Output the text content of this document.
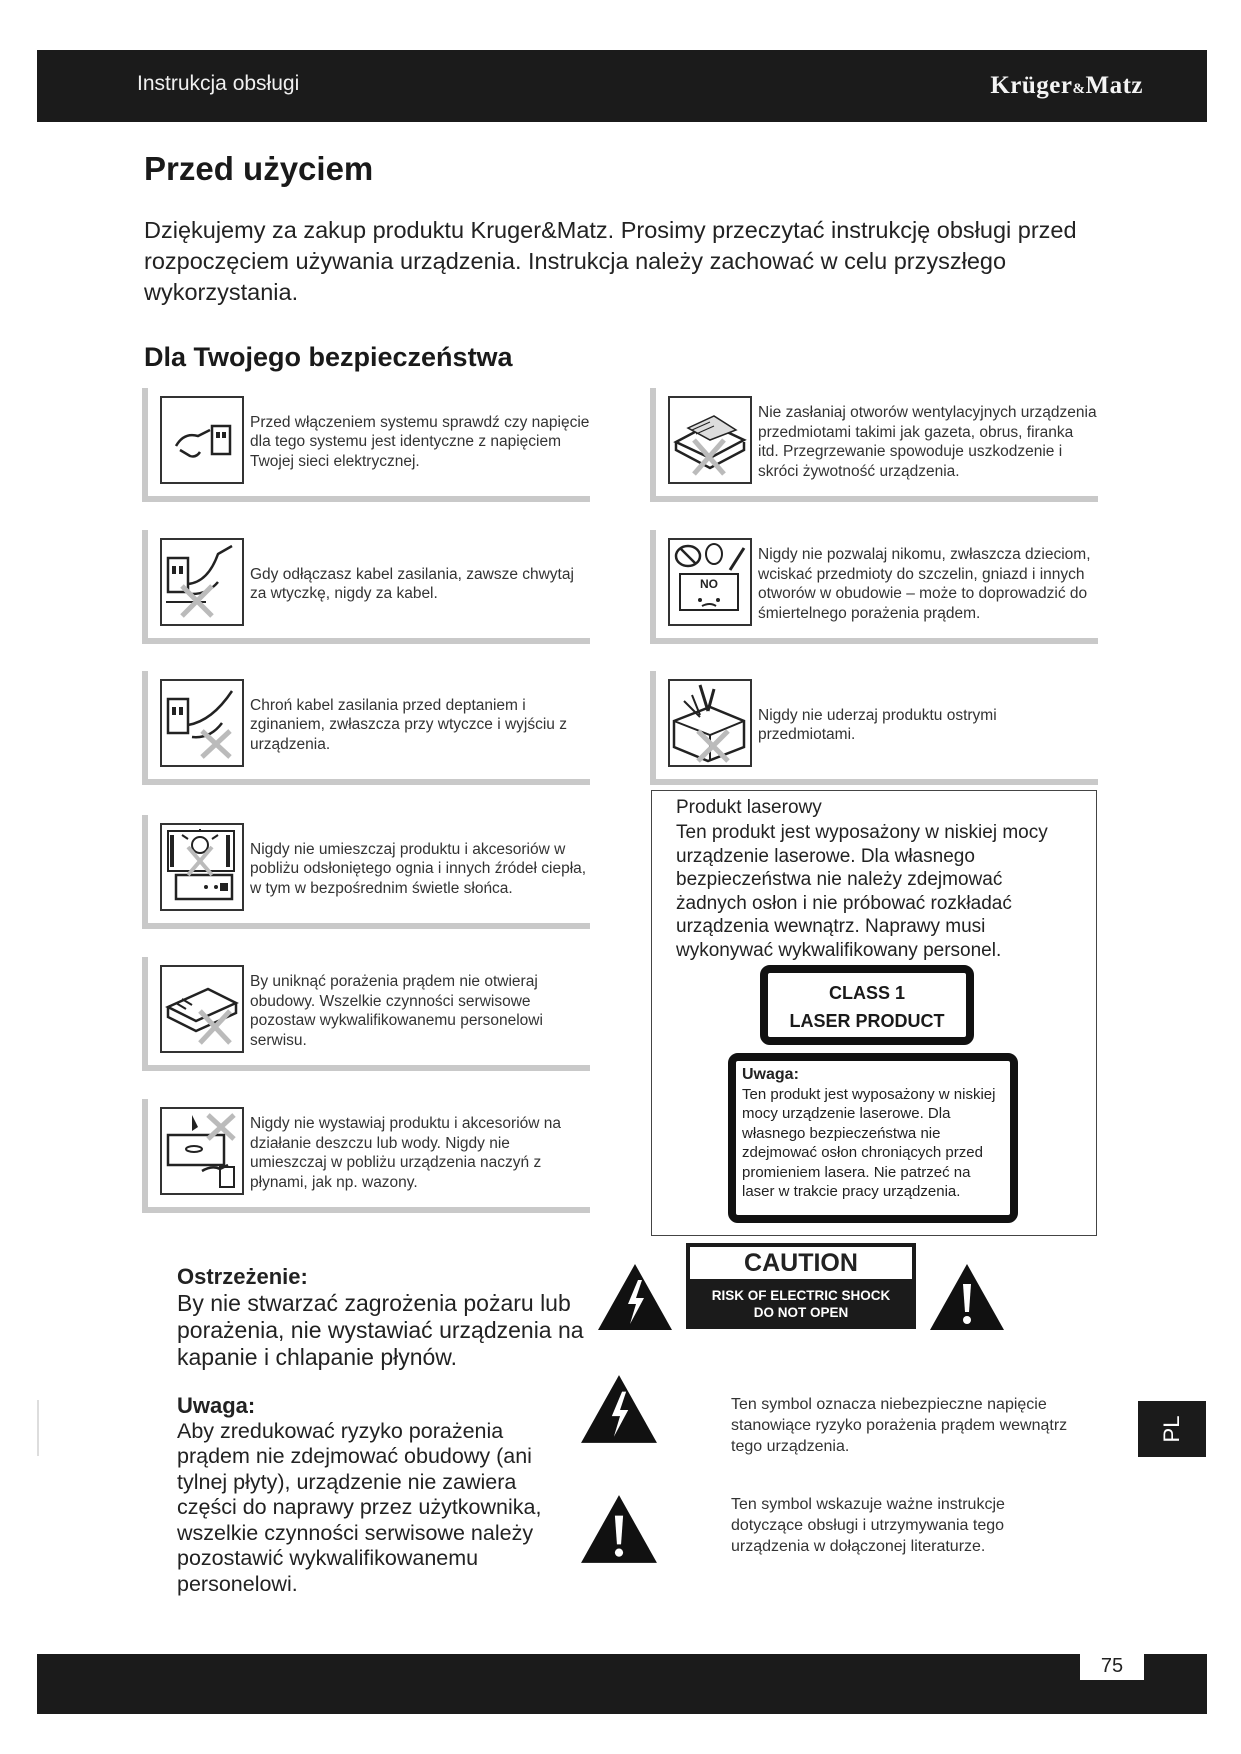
Instrukcja obsługi	Krüger&Matz
Przed użyciem
Dziękujemy za zakup produktu Kruger&Matz. Prosimy przeczytać instrukcję obsługi przed rozpoczęciem używania urządzenia. Instrukcja należy zachować w celu przyszłego wykorzystania.
Dla Twojego bezpieczeństwa
Przed włączeniem systemu sprawdź czy napięcie dla tego systemu jest identyczne z napięciem Twojej sieci elektrycznej.
Gdy odłączasz kabel zasilania, zawsze chwytaj za wtyczkę, nigdy za kabel.
Chroń kabel zasilania przed deptaniem i zginaniem, zwłaszcza przy wtyczce i wyjściu z urządzenia.
Nigdy nie umieszczaj produktu i akcesoriów w pobliżu odsłoniętego ognia i innych źródeł ciepła, w tym w bezpośrednim świetle słońca.
By uniknąć porażenia prądem nie otwieraj obudowy. Wszelkie czynności serwisowe pozostaw wykwalifikowanemu personelowi serwisu.
Nigdy nie wystawiaj produktu i akcesoriów na działanie deszczu lub wody. Nigdy nie umieszczaj w pobliżu urządzenia naczyń z płynami, jak np. wazony.
Nie zasłaniaj otworów wentylacyjnych urządzenia przedmiotami takimi jak gazeta, obrus, firanka itd. Przegrzewanie spowoduje uszkodzenie i skróci żywotność urządzenia.
NO
Nigdy nie pozwalaj nikomu, zwłaszcza dzieciom, wciskać przedmioty do szczelin, gniazd i innych otworów w obudowie – może to doprowadzić do śmiertelnego porażenia prądem.
Nigdy nie uderzaj produktu ostrymi przedmiotami.
Produkt laserowy
Ten produkt jest wyposażony w niskiej mocy urządzenie laserowe. Dla własnego bezpieczeństwa nie należy zdejmować żadnych osłon i nie próbować rozkładać urządzenia wewnątrz. Naprawy musi wykonywać wykwalifikowany personel.
CLASS 1
LASER PRODUCT
Uwaga:
Ten produkt jest wyposażony w niskiej mocy urządzenie laserowe. Dla własnego bezpieczeństwa nie zdejmować osłon chroniących przed promieniem lasera. Nie patrzeć na laser w trakcie pracy urządzenia.
Ostrzeżenie:
By nie stwarzać zagrożenia pożaru lub porażenia, nie wystawiać urządzenia na kapanie i chlapanie płynów.
Uwaga:
Aby zredukować ryzyko porażenia prądem nie zdejmować obudowy (ani tylnej płyty), urządzenie nie zawiera części do naprawy przez użytkownika, wszelkie czynności serwisowe należy pozostawić wykwalifikowanemu personelowi.
CAUTION
RISK OF ELECTRIC SHOCK
DO NOT OPEN
Ten symbol oznacza niebezpieczne napięcie stanowiące ryzyko porażenia prądem wewnątrz tego urządzenia.
Ten symbol wskazuje ważne instrukcje dotyczące obsługi i utrzymywania tego urządzenia w dołączonej literaturze.
PL
75
